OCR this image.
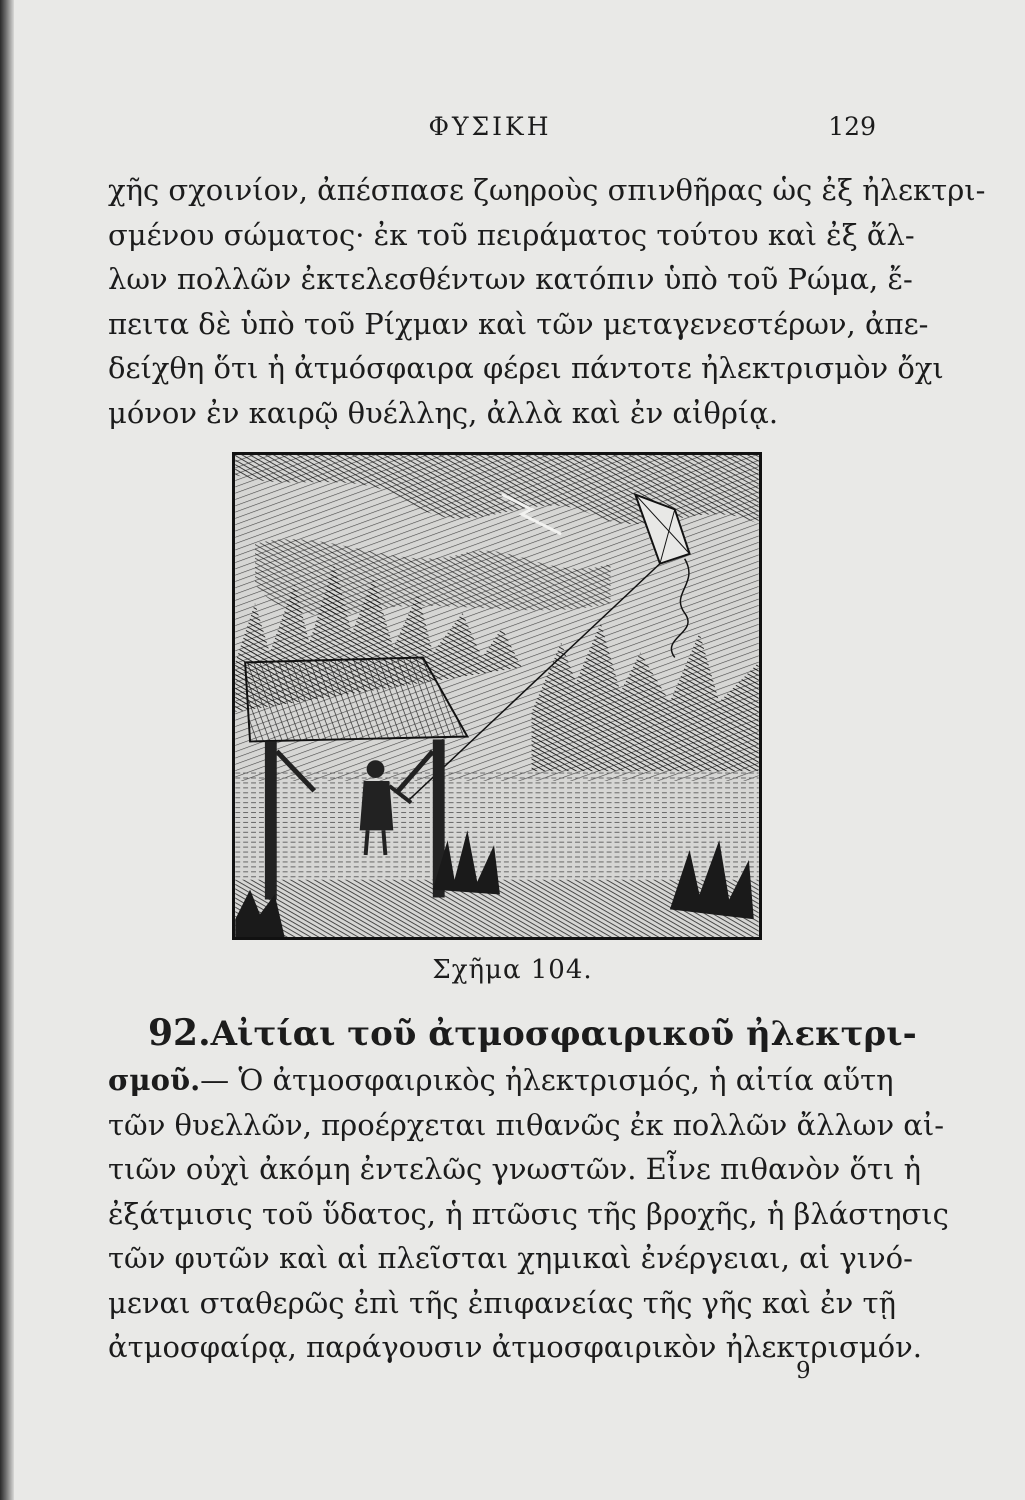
ΦΥΣΙΚΗ	129

χῆς σχοινίον, ἀπέσπασε ζωηροὺς σπινθῆρας ὡς ἐξ ἠλεκτρι-
σμένου σώματος· ἐκ τοῦ πειράματος τούτου καὶ ἐξ ἄλ-
λων πολλῶν ἐκτελεσθέντων κατόπιν ὑπὸ τοῦ Ρώμα, ἔ-
πειτα δὲ ὑπὸ τοῦ Ρίχμαν καὶ τῶν μεταγενεστέρων, ἀπε-
δείχθη ὅτι ἡ ἀτμόσφαιρα φέρει πάντοτε ἠλεκτρισμὸν ὄχι
μόνον ἐν καιρῷ θυέλλης, ἀλλὰ καὶ ἐν αἰθρίᾳ.

Σχῆμα 104.
92. Αἰτίαι τοῦ ἀτμοσφαιρικοῦ ἠλεκτρι-

σμοῦ.— Ὁ ἀτμοσφαιρικὸς ἠλεκτρισμός, ἡ αἰτία αὕτη
τῶν θυελλῶν, προέρχεται πιθανῶς ἐκ πολλῶν ἄλλων αἰ-
τιῶν οὐχὶ ἀκόμη ἐντελῶς γνωστῶν. Εἶνε πιθανὸν ὅτι ἡ
ἐξάτμισις τοῦ ὕδατος, ἡ πτῶσις τῆς βροχῆς, ἡ βλάστησις
τῶν φυτῶν καὶ αἱ πλεῖσται χημικαὶ ἐνέργειαι, αἱ γινό-
μεναι σταθερῶς ἐπὶ τῆς ἐπιφανείας τῆς γῆς καὶ ἐν τῇ
ἀτμοσφαίρᾳ, παράγουσιν ἀτμοσφαιρικὸν ἠλεκτρισμόν.

9
